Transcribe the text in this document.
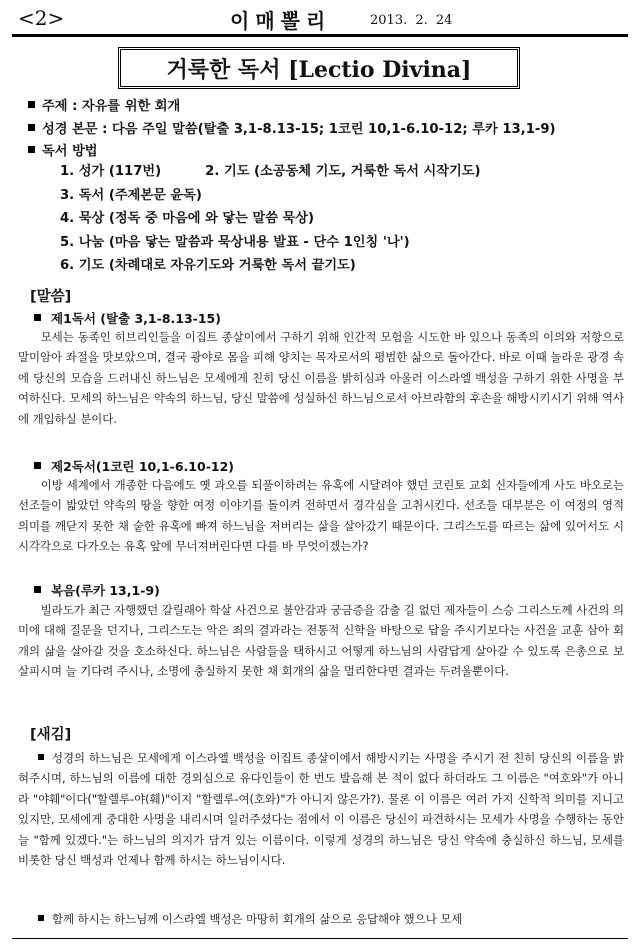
<2>	이매뽈리	2013. 2. 24
거룩한 독서 [Lectio Divina]
주제 : 자유를 위한 회개
성경 본문 : 다음 주일 말씀(탈출 3,1-8.13-15; 1코린 10,1-6.10-12; 루카 13,1-9)
독서 방법
1. 성가 (117번)	2. 기도 (소공동체 기도, 거룩한 독서 시작기도)
3. 독서 (주제본문 윤독)
4. 묵상 (정독 중 마음에 와 닿는 말씀 묵상)
5. 나눔 (마음 닿는 말씀과 묵상내용 발표 - 단수 1인칭 '나')
6. 기도 (차례대로 자유기도와 거룩한 독서 끝기도)
[말씀]
제1독서 (탈출 3,1-8.13-15)
모세는 동족인 히브리인들을 이집트 종살이에서 구하기 위해 인간적 모험을 시도한 바 있으나 동족의 이의와 저항으로 말미암아 좌절을 맛보았으며, 결국 광야로 몸을 피해 양치는 목자로서의 평범한 삶으로 돌아간다. 바로 이때 놀라운 광경 속에 당신의 모습을 드러내신 하느님은 모세에게 친히 당신 이름을 밝히심과 아울러 이스라엘 백성을 구하기 위한 사명을 부여하신다. 모세의 하느님은 약속의 하느님, 당신 말씀에 성실하신 하느님으로서 아브라함의 후손을 해방시키시기 위해 역사에 개입하실 분이다.
제2독서(1코린 10,1-6.10-12)
이방 세계에서 개종한 다음에도 옛 과오를 되풀이하려는 유혹에 시달려야 했던 코린토 교회 신자들에게 사도 바오로는 선조들이 밟았던 약속의 땅을 향한 여정 이야기를 돌이켜 전하면서 경각심을 고취시킨다. 선조들 대부분은 이 여정의 영적 의미를 깨닫지 못한 채 숱한 유혹에 빠져 하느님을 저버리는 삶을 살아갔기 때문이다. 그리스도를 따르는 삶에 있어서도 시시각각으로 다가오는 유혹 앞에 무너져버린다면 다를 바 무엇이겠는가?
복음(루카 13,1-9)
빌라도가 최근 자행했던 갈릴래아 학살 사건으로 불안감과 궁금증을 감출 길 없던 제자들이 스승 그리스도께 사건의 의미에 대해 질문을 던지나, 그리스도는 악은 죄의 결과라는 전통적 신학을 바탕으로 답을 주시기보다는 사건을 교훈 삼아 회개의 삶을 살아갈 것을 호소하신다. 하느님은 사람들을 택하시고 어떻게 하느님의 사람답게 살아갈 수 있도록 은총으로 보살피시며 늘 기다려 주시나, 소명에 충실하지 못한 채 회개의 삶을 멀리한다면 결과는 두려울뿐이다.
[새김]
성경의 하느님은 모세에게 이스라엘 백성을 이집트 종살이에서 해방시키는 사명을 주시기 전 친히 당신의 이름을 밝혀주시며, 하느님의 이름에 대한 경외심으로 유다인들이 한 번도 발음해 본 적이 없다 하더라도 그 이름은 "여호와"가 아니라 "야훼"이다("할렐루-야(훼)"이지 "할렐루-여(호와)"가 아니지 않은가?). 물론 이 이름은 여러 가지 신학적 의미를 지니고 있지만, 모세에게 중대한 사명을 내리시며 일러주셨다는 점에서 이 이름은 당신이 파견하시는 모세가 사명을 수행하는 동안 늘 "함께 있겠다."는 하느님의 의지가 담겨 있는 이름이다. 이렇게 성경의 하느님은 당신 약속에 충실하신 하느님, 모세를 비롯한 당신 백성과 언제나 함께 하시는 하느님이시다.
함께 하시는 하느님께 이스라엘 백성은 마땅히 회개의 삶으로 응답해야 했으나 모세
